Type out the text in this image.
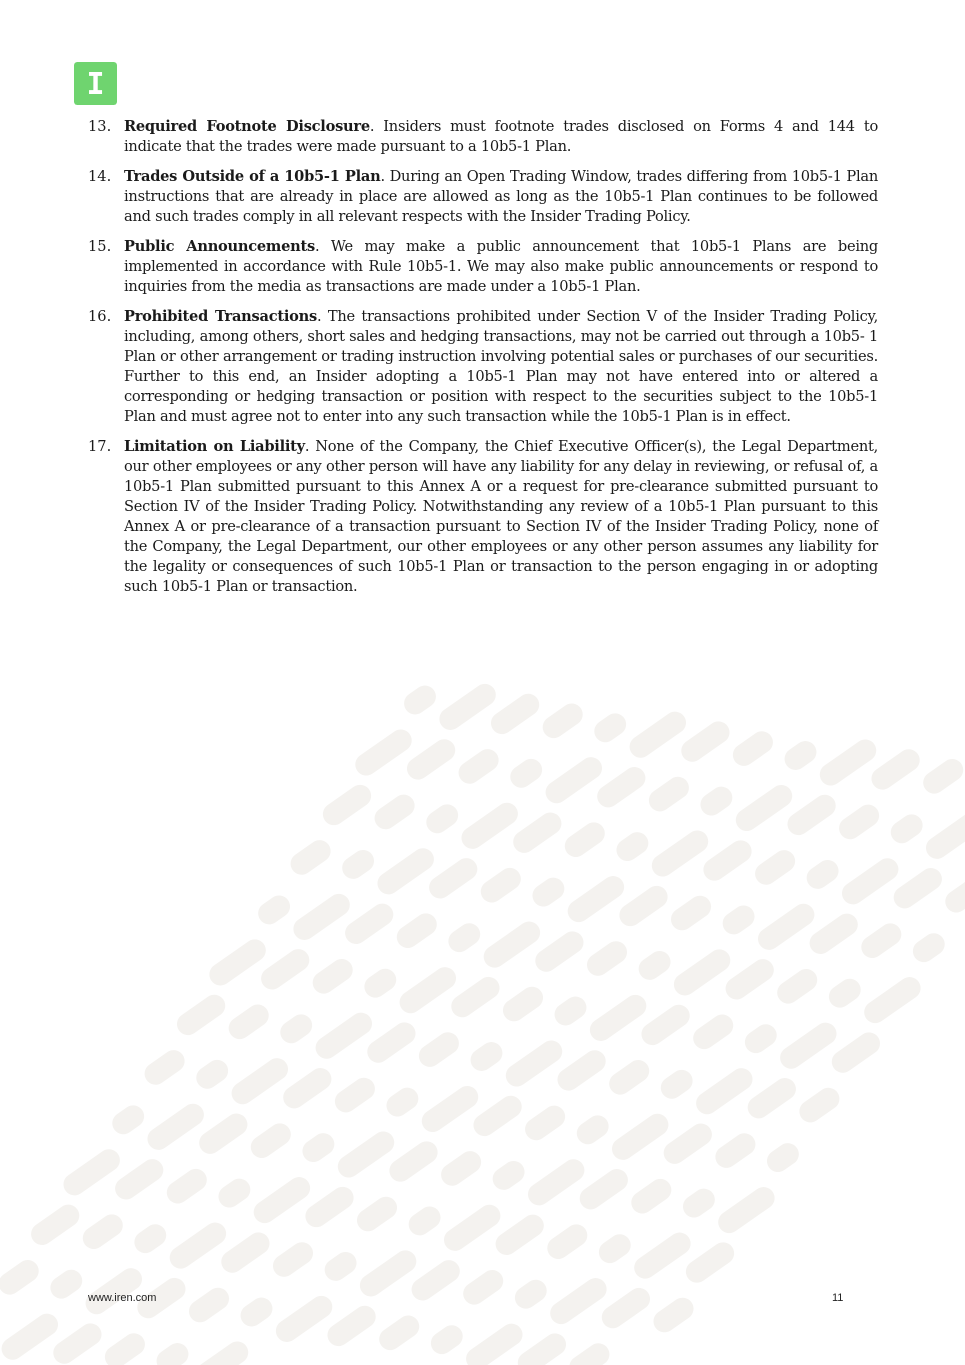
I
13. Required Footnote Disclosure. Insiders must footnote trades disclosed on Forms 4 and 144 to indicate that the trades were made pursuant to a 10b5-1 Plan.
14. Trades Outside of a 10b5-1 Plan. During an Open Trading Window, trades differing from 10b5-1 Plan instructions that are already in place are allowed as long as the 10b5-1 Plan continues to be followed and such trades comply in all relevant respects with the Insider Trading Policy.
15. Public Announcements. We may make a public announcement that 10b5-1 Plans are being implemented in accordance with Rule 10b5-1. We may also make public announcements or respond to inquiries from the media as transactions are made under a 10b5-1 Plan.
16. Prohibited Transactions. The transactions prohibited under Section V of the Insider Trading Policy, including, among others, short sales and hedging transactions, may not be carried out through a 10b5- 1 Plan or other arrangement or trading instruction involving potential sales or purchases of our securities. Further to this end, an Insider adopting a 10b5-1 Plan may not have entered into or altered a corresponding or hedging transaction or position with respect to the securities subject to the 10b5-1 Plan and must agree not to enter into any such transaction while the 10b5-1 Plan is in effect.
17. Limitation on Liability. None of the Company, the Chief Executive Officer(s), the Legal Department, our other employees or any other person will have any liability for any delay in reviewing, or refusal of, a 10b5-1 Plan submitted pursuant to this Annex A or a request for pre-clearance submitted pursuant to Section IV of the Insider Trading Policy. Notwithstanding any review of a 10b5-1 Plan pursuant to this Annex A or pre-clearance of a transaction pursuant to Section IV of the Insider Trading Policy, none of the Company, the Legal Department, our other employees or any other person assumes any liability for the legality or consequences of such 10b5-1 Plan or transaction to the person engaging in or adopting such 10b5-1 Plan or transaction.
www.iren.com	11
